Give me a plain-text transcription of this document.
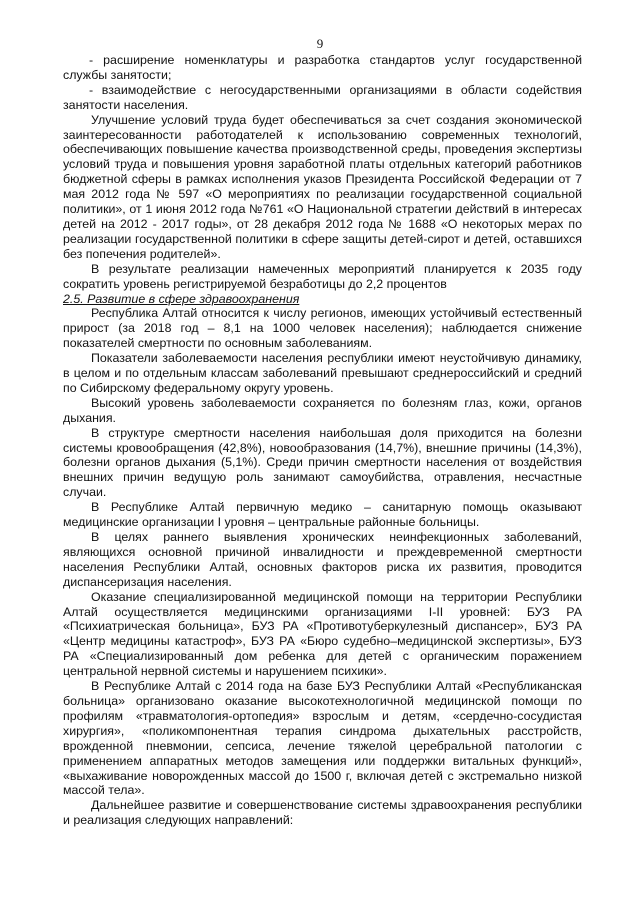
9

- расширение номенклатуры и разработка стандартов услуг государственной службы занятости;

- взаимодействие с негосударственными организациями в области содействия занятости населения.

Улучшение условий труда будет обеспечиваться за счет создания экономической заинтересованности работодателей к использованию современных технологий, обеспечивающих повышение качества производственной среды, проведения экспертизы условий труда и повышения уровня заработной платы отдельных категорий работников бюджетной сферы в рамках исполнения указов Президента Российской Федерации от 7 мая 2012 года № 597 «О мероприятиях по реализации государственной социальной политики», от 1 июня 2012 года №761 «О Национальной стратегии действий в интересах детей на 2012 - 2017 годы», от 28 декабря 2012 года № 1688 «О некоторых мерах по реализации государственной политики в сфере защиты детей-сирот и детей, оставшихся без попечения родителей».

В результате реализации намеченных мероприятий планируется к 2035 году сократить уровень регистрируемой безработицы до 2,2 процентов

2.5. Развитие в сфере здравоохранения

Республика Алтай относится к числу регионов, имеющих устойчивый естественный прирост (за 2018 год – 8,1 на 1000 человек населения); наблюдается снижение показателей смертности по основным заболеваниям.

Показатели заболеваемости населения республики имеют неустойчивую динамику, в целом и по отдельным классам заболеваний превышают среднероссийский и средний по Сибирскому федеральному округу уровень.

Высокий уровень заболеваемости сохраняется по болезням глаз, кожи, органов дыхания.

В структуре смертности населения наибольшая доля приходится на болезни системы кровообращения (42,8%), новообразования (14,7%), внешние причины (14,3%), болезни органов дыхания (5,1%). Среди причин смертности населения от воздействия внешних причин ведущую роль занимают самоубийства, отравления, несчастные случаи.

В Республике Алтай первичную медико – санитарную помощь оказывают медицинские организации I уровня – центральные районные больницы.

В целях раннего выявления хронических неинфекционных заболеваний, являющихся основной причиной инвалидности и преждевременной смертности населения Республики Алтай, основных факторов риска их развития, проводится диспансеризация населения.

Оказание специализированной медицинской помощи на территории Республики Алтай осуществляется медицинскими организациями I-II уровней: БУЗ РА «Психиатрическая больница», БУЗ РА «Противотуберкулезный диспансер», БУЗ РА «Центр медицины катастроф», БУЗ РА «Бюро судебно–медицинской экспертизы», БУЗ РА «Специализированный дом ребенка для детей с органическим поражением центральной нервной системы и нарушением психики».

В Республике Алтай с 2014 года на базе БУЗ Республики Алтай «Республиканская больница» организовано оказание высокотехнологичной медицинской помощи по профилям «травматология-ортопедия» взрослым и детям, «сердечно-сосудистая хирургия», «поликомпонентная терапия синдрома дыхательных расстройств, врожденной пневмонии, сепсиса, лечение тяжелой церебральной патологии с применением аппаратных методов замещения или поддержки витальных функций», «выхаживание новорожденных массой до 1500 г, включая детей с экстремально низкой массой тела».

Дальнейшее развитие и совершенствование системы здравоохранения республики и реализация следующих направлений:
